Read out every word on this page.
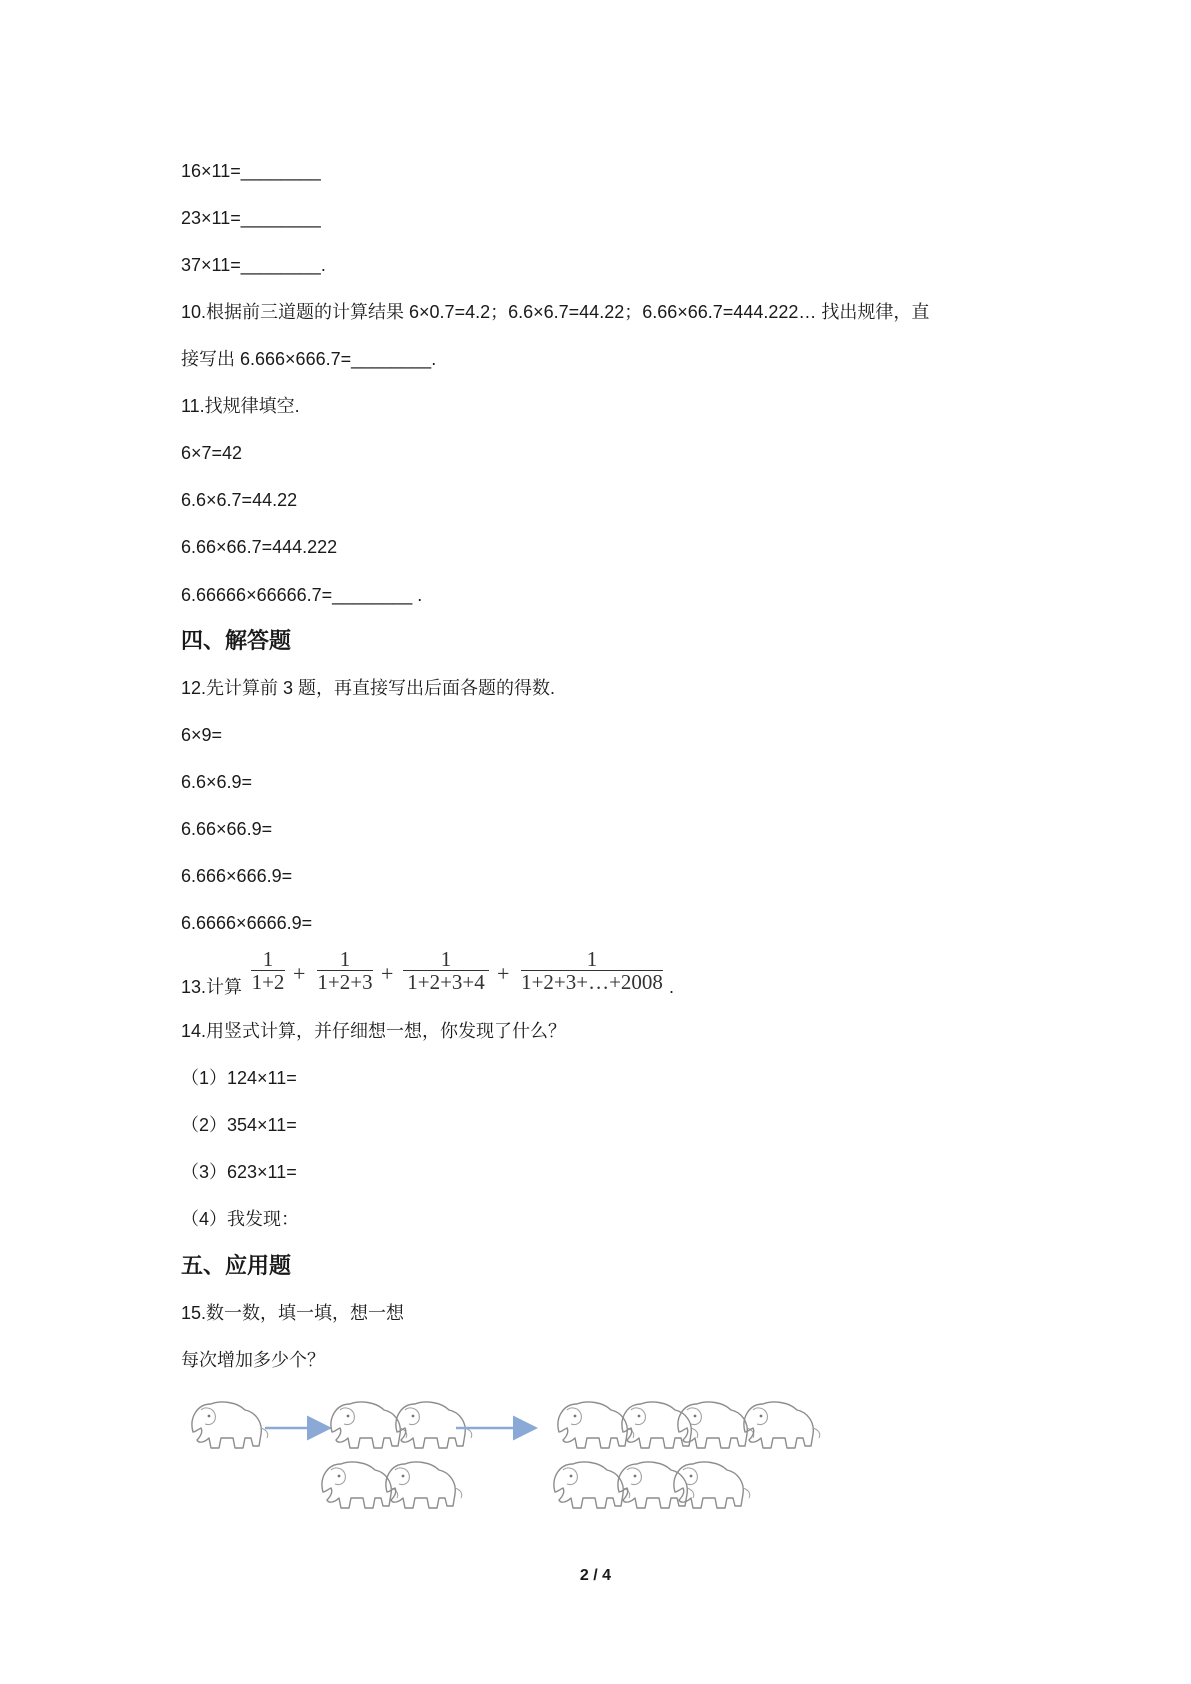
16×11=________

23×11=________

37×11=________.

10.根据前三道题的计算结果 6×0.7=4.2；6.6×6.7=44.22；6.66×66.7=444.222… 找出规律，直

接写出 6.666×666.7=________.

11.找规律填空.

6×7=42

6.6×6.7=44.22

6.66×66.7=444.222

6.66666×66666.7=________ .

四、解答题

12.先计算前 3 题，再直接写出后面各题的得数.

6×9=

6.6×6.9=

6.66×66.9=

6.666×666.9=

6.6666×6666.9=

13.计算 $\frac{1}{1+2} + \frac{1}{1+2+3} + \frac{1}{1+2+3+4} + \frac{1}{1+2+3+\dots+2008}$ .

14.用竖式计算，并仔细想一想，你发现了什么？

（1）124×11=

（2）354×11=

（3）623×11=

（4）我发现：

五、应用题

15.数一数，填一填，想一想

每次增加多少个？

2 / 4
